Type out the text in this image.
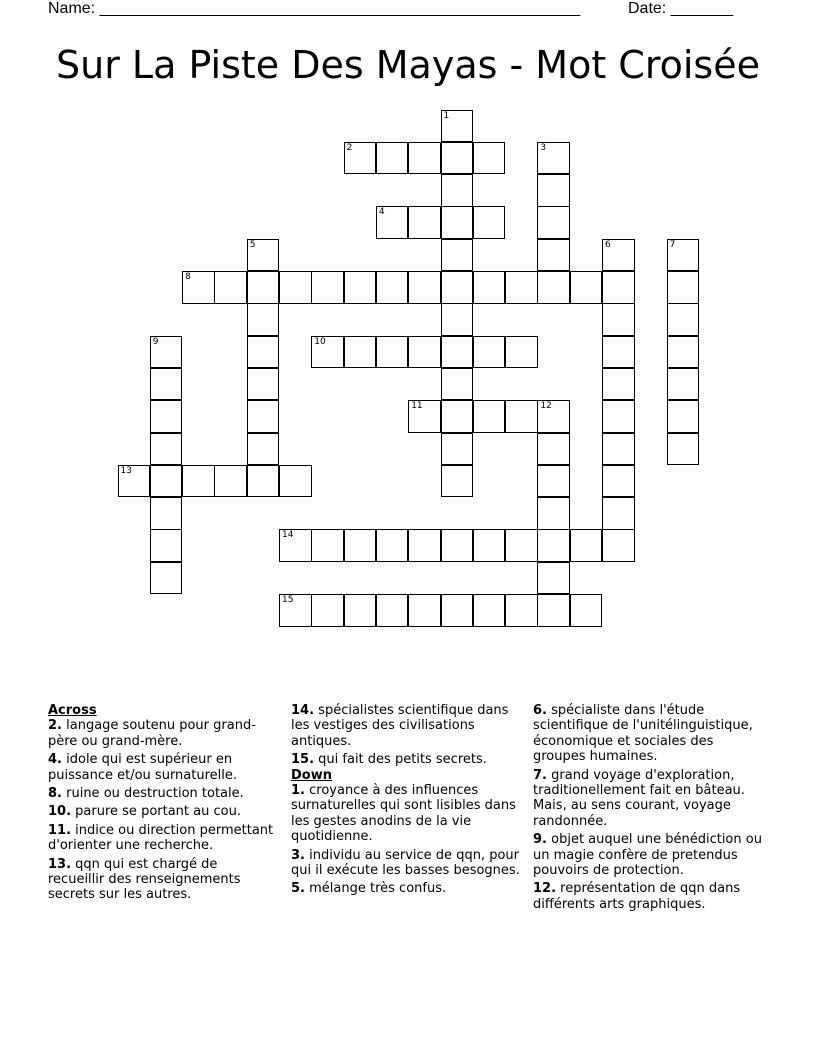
Name: ______________________________________________________	Date: _______
Sur La Piste Des Mayas - Mot Croisée
1
2	3
4
5	6	7
8
9	10
11	12
13
14
15

Across

2. langage soutenu pour grand-père ou grand-mère.

4. idole qui est supérieur en puissance et/ou surnaturelle.

8. ruine ou destruction totale.

10. parure se portant au cou.

11. indice ou direction permettant d'orienter une recherche.

13. qqn qui est chargé de recueillir des renseignements secrets sur les autres.

14. spécialistes scientifique dans les vestiges des civilisations antiques.

15. qui fait des petits secrets.

Down

1. croyance à des influences surnaturelles qui sont lisibles dans les gestes anodins de la vie quotidienne.

3. individu au service de qqn, pour qui il exécute les basses besognes.

5. mélange très confus.

6. spécialiste dans l'étude scientifique de l'unitélinguistique, économique et sociales des groupes humaines.

7. grand voyage d'exploration, traditionellement fait en bâteau. Mais, au sens courant, voyage randonnée.

9. objet auquel une bénédiction ou un magie confère de pretendus pouvoirs de protection.

12. représentation de qqn dans différents arts graphiques.
